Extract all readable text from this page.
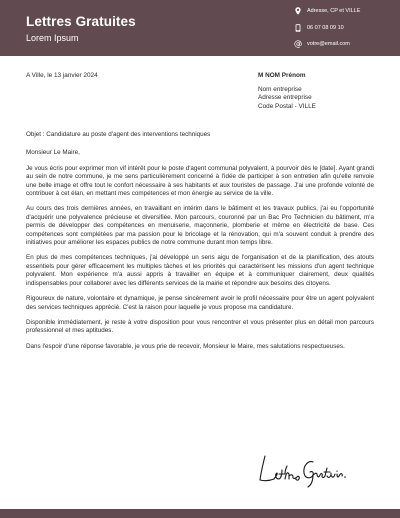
Lettres Gratuites
Lorem Ipsum
Adresse, CP et VILLE
06 07 08 09 10
votre@email.com
A Ville, le 13 janvier 2024	M NOM Prénom
Nom entreprise
Adresse entreprise
Code Postal - VILLE

Objet : Candidature au poste d'agent des interventions techniques

Monsieur Le Maire,

Je vous écris pour exprimer mon vif intérêt pour le poste d'agent communal polyvalent, à pourvoir dès le [date]. Ayant grandi au sein de notre commune, je me sens particulièrement concerné à l'idée de participer à son entretien afin qu'elle renvoie une belle image et offre tout le confort nécessaire à ses habitants et aux touristes de passage. J'ai une profonde volonté de contribuer à cet élan, en mettant mes compétences et mon énergie au service de la ville.

Au cours des trois dernières années, en travaillant en intérim dans le bâtiment et les travaux publics, j'ai eu l'opportunité d'acquérir une polyvalence précieuse et diversifiée. Mon parcours, couronné par un Bac Pro Technicien du bâtiment, m'a permis de développer des compétences en menuiserie, maçonnerie, plomberie et même en électricité de base. Ces compétences sont complétées par ma passion pour le bricolage et la rénovation, qui m'a souvent conduit à prendre des initiatives pour améliorer les espaces publics de notre commune durant mon temps libre.

En plus de mes compétences techniques, j'ai développé un sens aigu de l'organisation et de la planification, des atouts essentiels pour gérer efficacement les multiples tâches et les priorités qui caractérisent les missions d'un agent technique polyvalent. Mon expérience m'a aussi appris à travailler en équipe et à communiquer clairement, deux qualités indispensables pour collaborer avec les différents services de la mairie et répondre aux besoins des citoyens.

Rigoureux de nature, volontaire et dynamique, je pense sincèrement avoir le profil nécessaire pour être un agent polyvalent des services techniques apprécié. C'est la raison pour laquelle je vous propose ma candidature.

Disponible immédiatement, je reste à votre disposition pour vous rencontrer et vous présenter plus en détail mon parcours professionnel et mes aptitudes.

Dans l'espoir d'une réponse favorable, je vous prie de recevoir, Monsieur le Maire, mes salutations respectueuses.
